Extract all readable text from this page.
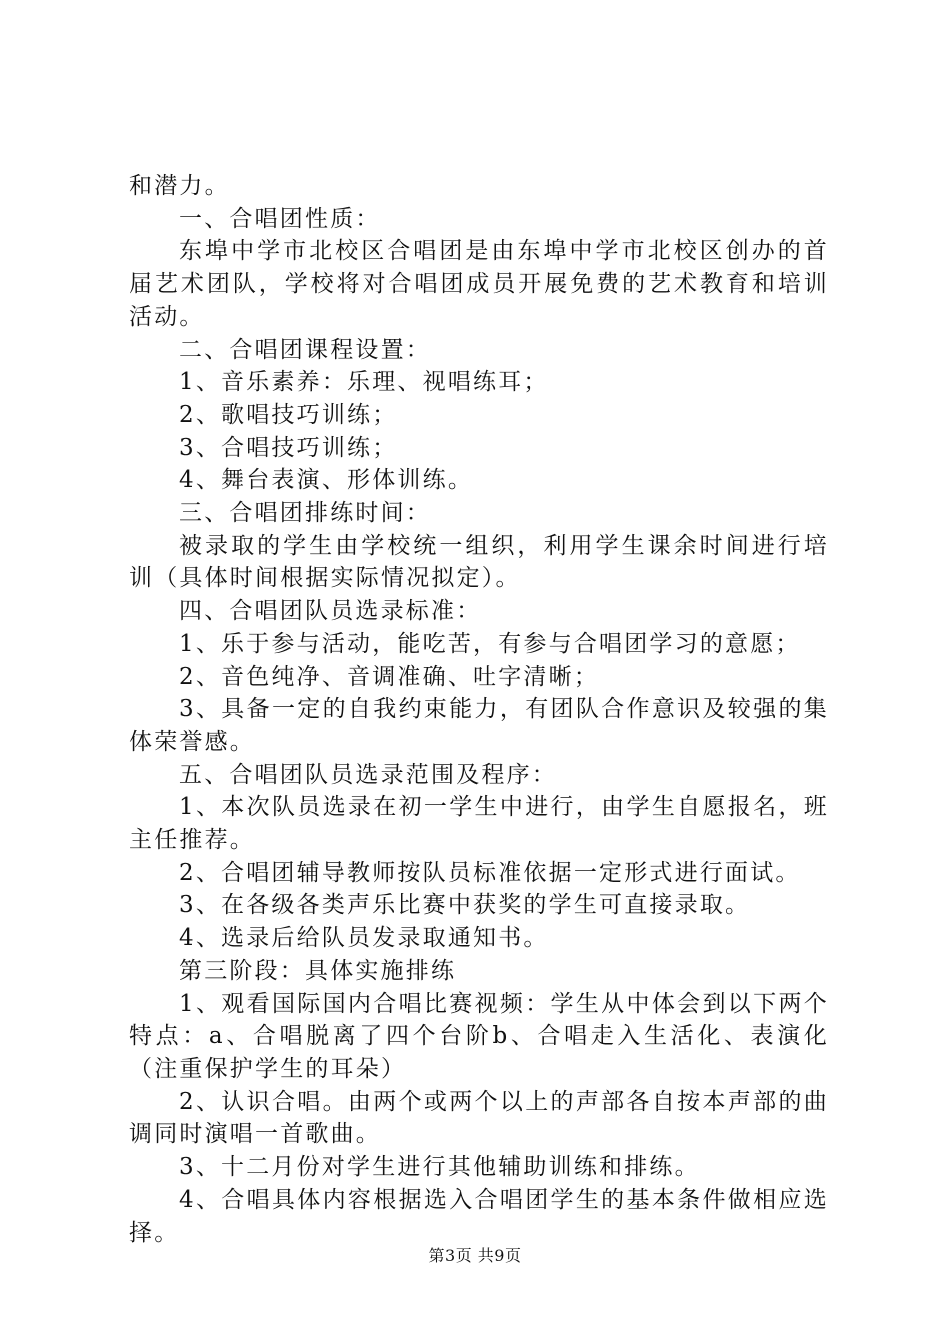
和潜力。

一、合唱团性质：

东埠中学市北校区合唱团是由东埠中学市北校区创办的首届艺术团队，学校将对合唱团成员开展免费的艺术教育和培训活动。

二、合唱团课程设置：

1、音乐素养：乐理、视唱练耳；

2、歌唱技巧训练；

3、合唱技巧训练；

4、舞台表演、形体训练。

三、合唱团排练时间：

被录取的学生由学校统一组织，利用学生课余时间进行培训（具体时间根据实际情况拟定）。

四、合唱团队员选录标准：

1、乐于参与活动，能吃苦，有参与合唱团学习的意愿；

2、音色纯净、音调准确、吐字清晰；

3、具备一定的自我约束能力，有团队合作意识及较强的集体荣誉感。

五、合唱团队员选录范围及程序：

1、本次队员选录在初一学生中进行，由学生自愿报名，班主任推荐。

2、合唱团辅导教师按队员标准依据一定形式进行面试。

3、在各级各类声乐比赛中获奖的学生可直接录取。

4、选录后给队员发录取通知书。

第三阶段：具体实施排练

1、观看国际国内合唱比赛视频：学生从中体会到以下两个特点：a、合唱脱离了四个台阶b、合唱走入生活化、表演化（注重保护学生的耳朵）

2、认识合唱。由两个或两个以上的声部各自按本声部的曲调同时演唱一首歌曲。

3、十二月份对学生进行其他辅助训练和排练。

4、合唱具体内容根据选入合唱团学生的基本条件做相应选择。

第3页 共9页
